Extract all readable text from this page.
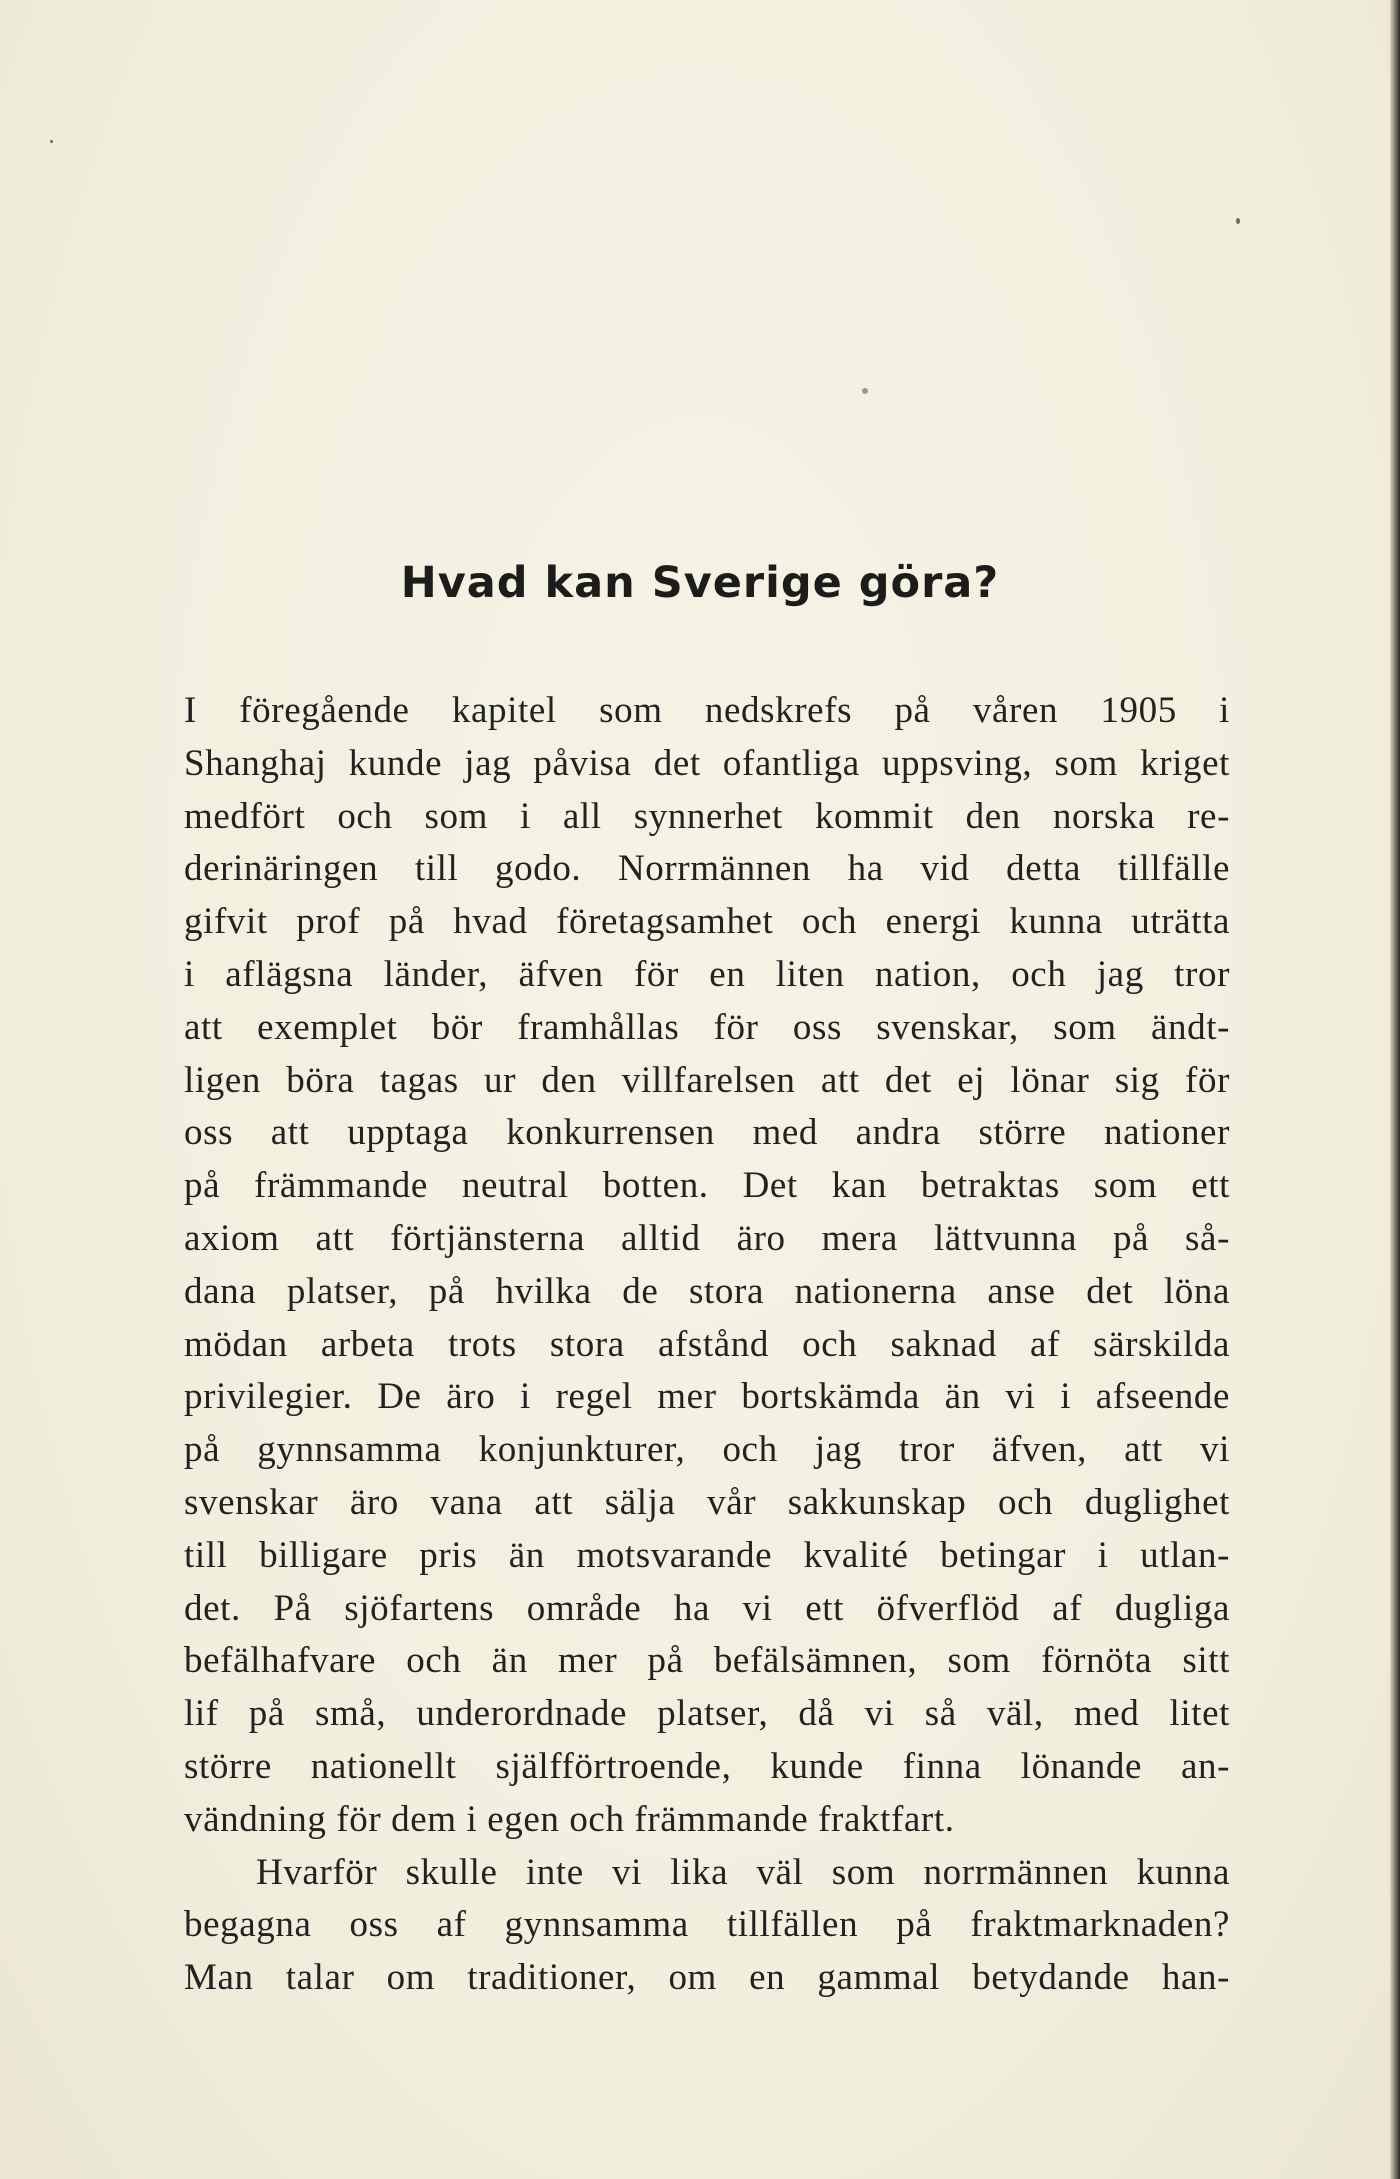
Hvad kan Sverige göra?

I föregående kapitel som nedskrefs på våren 1905 i
Shanghaj kunde jag påvisa det ofantliga uppsving, som kriget
medfört och som i all synnerhet kommit den norska re-
derinäringen till godo. Norrmännen ha vid detta tillfälle
gifvit prof på hvad företagsamhet och energi kunna uträtta
i aflägsna länder, äfven för en liten nation, och jag tror
att exemplet bör framhållas för oss svenskar, som ändt-
ligen böra tagas ur den villfarelsen att det ej lönar sig för
oss att upptaga konkurrensen med andra större nationer
på främmande neutral botten. Det kan betraktas som ett
axiom att förtjänsterna alltid äro mera lättvunna på så-
dana platser, på hvilka de stora nationerna anse det löna
mödan arbeta trots stora afstånd och saknad af särskilda
privilegier. De äro i regel mer bortskämda än vi i afseende
på gynnsamma konjunkturer, och jag tror äfven, att vi
svenskar äro vana att sälja vår sakkunskap och duglighet
till billigare pris än motsvarande kvalité betingar i utlan-
det. På sjöfartens område ha vi ett öfverflöd af dugliga
befälhafvare och än mer på befälsämnen, som förnöta sitt
lif på små, underordnade platser, då vi så väl, med litet
större nationellt själfförtroende, kunde finna lönande an-
vändning för dem i egen och främmande fraktfart.

Hvarför skulle inte vi lika väl som norrmännen kunna
begagna oss af gynnsamma tillfällen på fraktmarknaden?
Man talar om traditioner, om en gammal betydande han-
